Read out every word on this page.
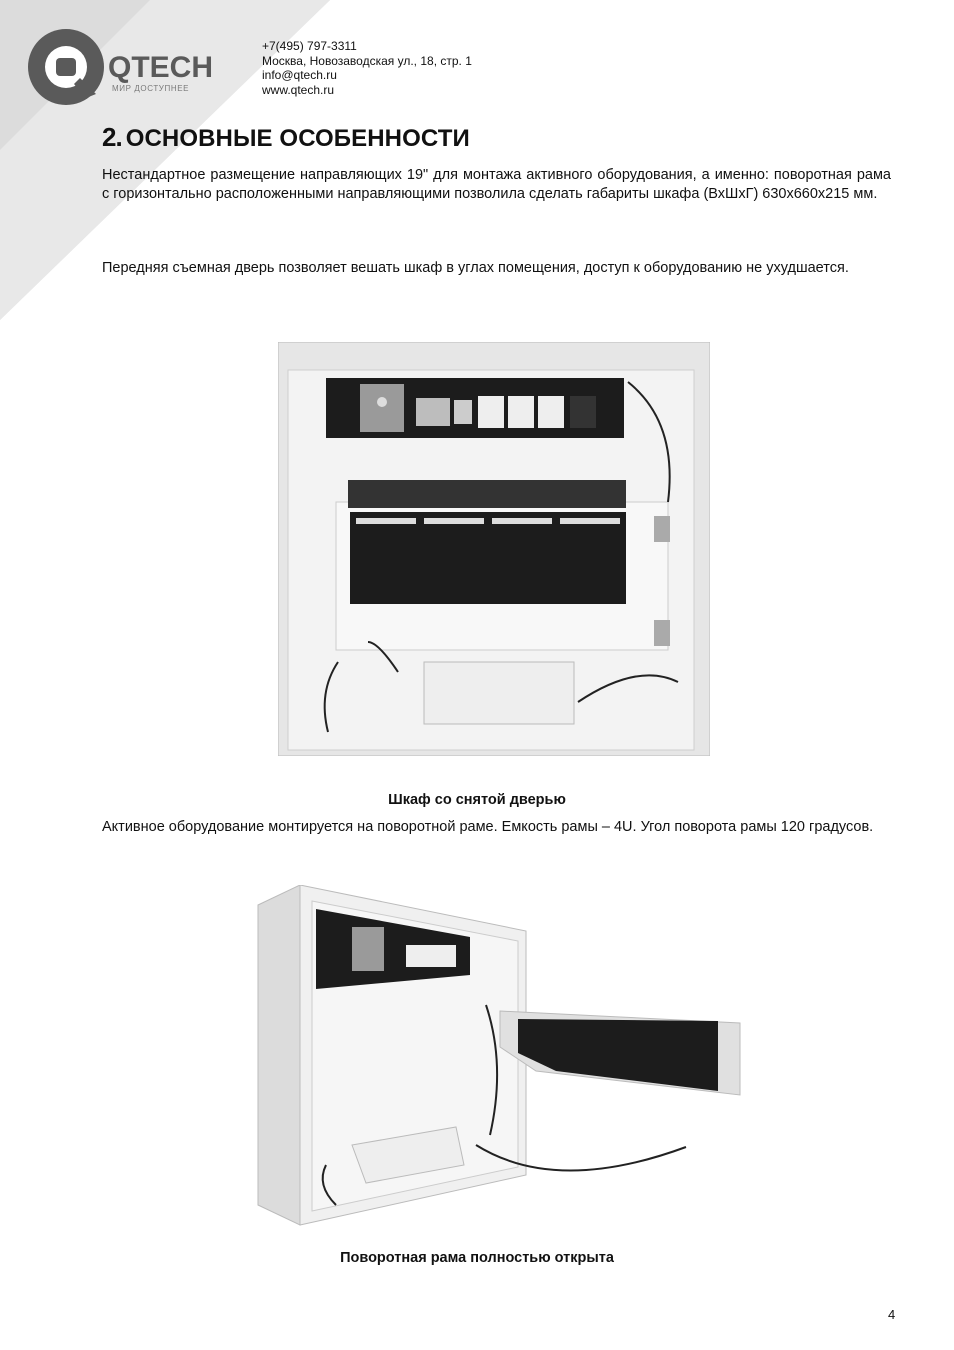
QTECH
МИР ДОСТУПНЕЕ
+7(495) 797-3311
Москва, Новозаводская ул., 18, стр. 1
info@qtech.ru
www.qtech.ru
2. ОСНОВНЫЕ ОСОБЕННОСТИ

Нестандартное размещение направляющих 19" для монтажа активного оборудования, а именно: поворотная рама с горизонтально расположенными направляющими позволила сделать габариты шкафа (ВхШхГ) 630х660х215 мм.

Передняя съемная дверь позволяет вешать шкаф в углах помещения, доступ к оборудованию не ухудшается.

Шкаф со снятой дверью

Активное оборудование монтируется на поворотной раме. Емкость рамы – 4U. Угол поворота рамы 120 градусов.

Поворотная рама полностью открыта

4
